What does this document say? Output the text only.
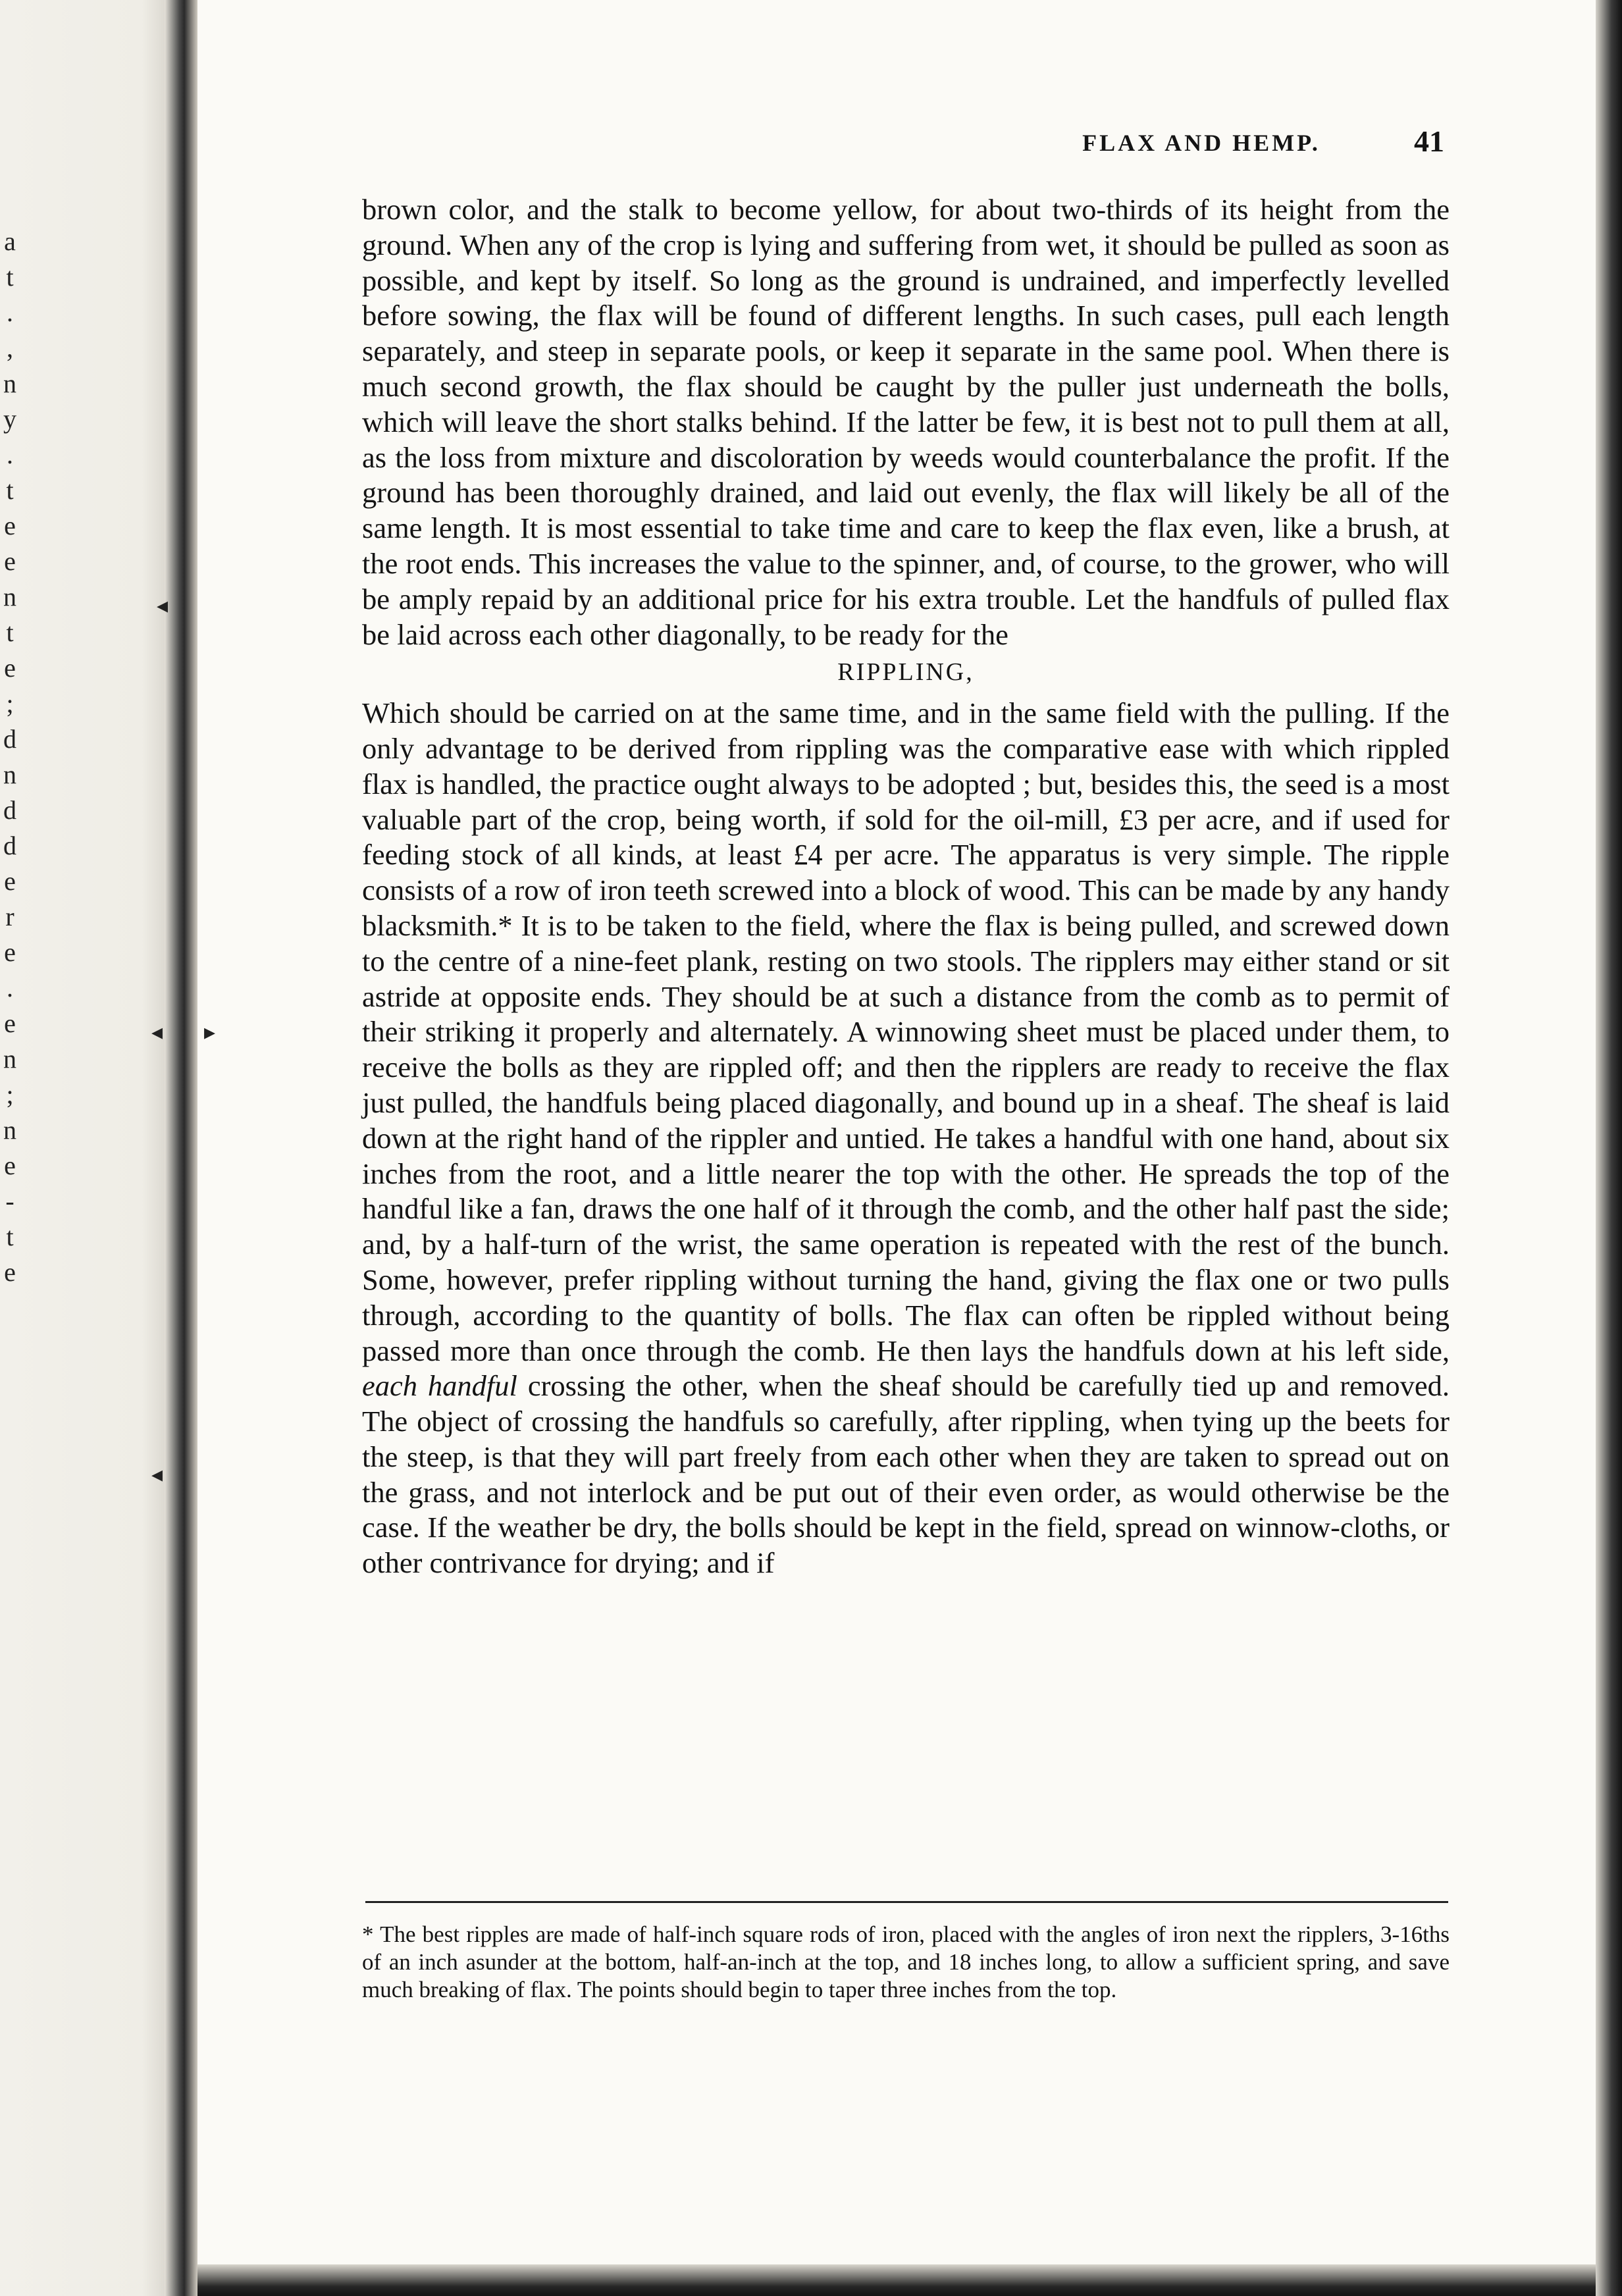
a
t
.
,
n
y
.
t
e
e
n
t
e
;
d
n
d
d
e
r
e
.
e
n
;
n
e
-
t
e
FLAX AND HEMP.	41

brown color, and the stalk to become yellow, for about two-thirds of its height from the ground. When any of the crop is lying and suffering from wet, it should be pulled as soon as possible, and kept by itself. So long as the ground is undrained, and imperfectly levelled before sowing, the flax will be found of different lengths. In such cases, pull each length separately, and steep in separate pools, or keep it separate in the same pool. When there is much second growth, the flax should be caught by the puller just underneath the bolls, which will leave the short stalks behind. If the latter be few, it is best not to pull them at all, as the loss from mixture and discoloration by weeds would counterbalance the profit. If the ground has been thoroughly drained, and laid out evenly, the flax will likely be all of the same length. It is most essential to take time and care to keep the flax even, like a brush, at the root ends. This increases the value to the spinner, and, of course, to the grower, who will be amply repaid by an additional price for his extra trouble. Let the handfuls of pulled flax be laid across each other diagonally, to be ready for the

RIPPLING,

Which should be carried on at the same time, and in the same field with the pulling. If the only advantage to be derived from rippling was the comparative ease with which rippled flax is handled, the practice ought always to be adopted ; but, besides this, the seed is a most valuable part of the crop, being worth, if sold for the oil-mill, £3 per acre, and if used for feeding stock of all kinds, at least £4 per acre. The apparatus is very simple. The ripple consists of a row of iron teeth screwed into a block of wood. This can be made by any handy blacksmith.* It is to be taken to the field, where the flax is being pulled, and screwed down to the centre of a nine-feet plank, resting on two stools. The ripplers may either stand or sit astride at opposite ends. They should be at such a distance from the comb as to permit of their striking it properly and alternately. A winnowing sheet must be placed under them, to receive the bolls as they are rippled off; and then the ripplers are ready to receive the flax just pulled, the handfuls being placed diagonally, and bound up in a sheaf. The sheaf is laid down at the right hand of the rippler and untied. He takes a handful with one hand, about six inches from the root, and a little nearer the top with the other. He spreads the top of the handful like a fan, draws the one half of it through the comb, and the other half past the side; and, by a half-turn of the wrist, the same operation is repeated with the rest of the bunch. Some, however, prefer rippling without turning the hand, giving the flax one or two pulls through, according to the quantity of bolls. The flax can often be rippled without being passed more than once through the comb. He then lays the handfuls down at his left side, each handful crossing the other, when the sheaf should be carefully tied up and removed. The object of crossing the handfuls so carefully, after rippling, when tying up the beets for the steep, is that they will part freely from each other when they are taken to spread out on the grass, and not interlock and be put out of their even order, as would otherwise be the case. If the weather be dry, the bolls should be kept in the field, spread on winnow-cloths, or other contrivance for drying; and if

* The best ripples are made of half-inch square rods of iron, placed with the angles of iron next the ripplers, 3-16ths of an inch asunder at the bottom, half-an-inch at the top, and 18 inches long, to allow a sufficient spring, and save much breaking of flax. The points should begin to taper three inches from the top.
◂
◂ ▸
◂
